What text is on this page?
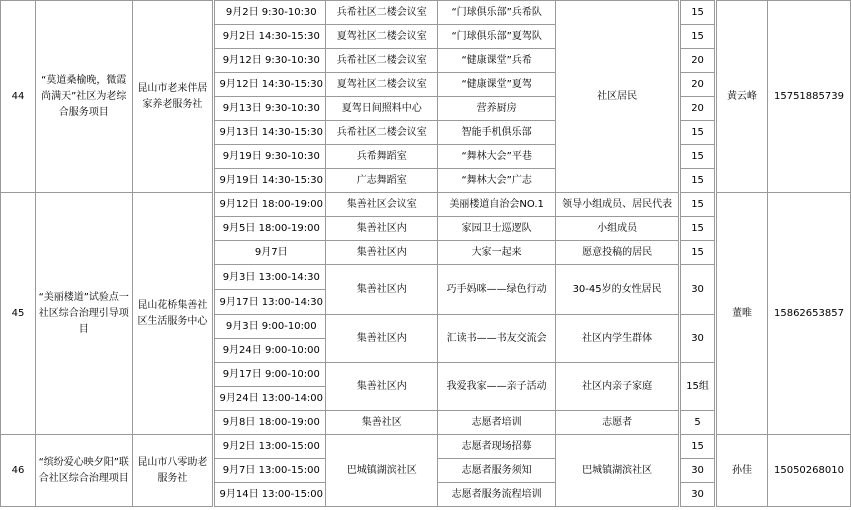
44	“莫道桑榆晚，微霞尚满天”社区为老综合服务项目	昆山市老来伴居家养老服务社	9月2日 9:30-10:30	兵希社区二楼会议室	“门球俱乐部”兵希队	社区居民	15	黄云峰	15751885739
			9月2日 14:30-15:30	夏驾社区二楼会议室	“门球俱乐部”夏驾队		15		
			9月12日 9:30-10:30	兵希社区二楼会议室	“健康课堂”兵希		20		
			9月12日 14:30-15:30	夏驾社区二楼会议室	“健康课堂”夏驾		20		
			9月13日 9:30-10:30	夏驾日间照料中心	营养厨房		20		
			9月13日 14:30-15:30	兵希社区二楼会议室	智能手机俱乐部		15		
			9月19日 9:30-10:30	兵希舞蹈室	“舞林大会”平巷		15		
			9月19日 14:30-15:30	广志舞蹈室	“舞林大会”广志		15		
45	“美丽楼道”试验点一社区综合治理引导项目	昆山花桥集善社区生活服务中心	9月12日 18:00-19:00	集善社区会议室	美丽楼道自治会NO.1	领导小组成员、居民代表	15	董唯	15862653857
			9月5日 18:00-19:00	集善社区内	家园卫士巡逻队	小组成员	15		
			9月7日	集善社区内	大家一起来	愿意投稿的居民	15		
			9月3日 13:00-14:30	集善社区内	巧手妈咪——绿色行动	30-45岁的女性居民	30		
			9月17日 13:00-14:30						
			9月3日 9:00-10:00	集善社区内	汇读书——书友交流会	社区内学生群体	30		
			9月24日 9:00-10:00						
			9月17日 9:00-10:00	集善社区内	我爱我家——亲子活动	社区内亲子家庭	15组		
			9月24日 13:00-14:00						
			9月8日 18:00-19:00	集善社区	志愿者培训	志愿者	5		

46	“缤纷爱心映夕阳”联合社区综合治理项目	昆山市八零助老服务社	9月2日 13:00-15:00	巴城镇湖滨社区	志愿者现场招募	巴城镇湖滨社区	15	孙佳	15050268010
			9月7日 13:00-15:00		志愿者服务须知		30		
			9月14日 13:00-15:00		志愿者服务流程培训		30		
